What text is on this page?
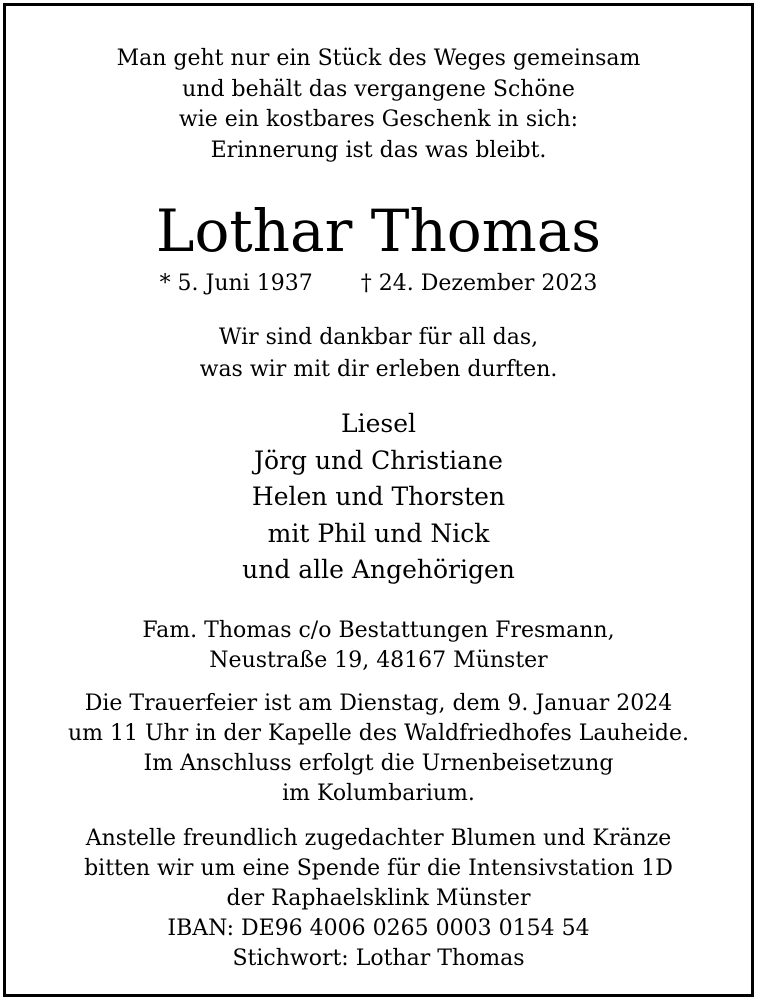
Man geht nur ein Stück des Weges gemeinsam
und behält das vergangene Schöne
wie ein kostbares Geschenk in sich:
Erinnerung ist das was bleibt.
Lothar Thomas
* 5. Juni 1937 † 24. Dezember 2023
Wir sind dankbar für all das,
was wir mit dir erleben durften.
Liesel
Jörg und Christiane
Helen und Thorsten
mit Phil und Nick
und alle Angehörigen
Fam. Thomas c/o Bestattungen Fresmann,
Neustraße 19, 48167 Münster
Die Trauerfeier ist am Dienstag, dem 9. Januar 2024
um 11 Uhr in der Kapelle des Waldfriedhofes Lauheide.
Im Anschluss erfolgt die Urnenbeisetzung
im Kolumbarium.
Anstelle freundlich zugedachter Blumen und Kränze
bitten wir um eine Spende für die Intensivstation 1D
der Raphaelsklink Münster
IBAN: DE96 4006 0265 0003 0154 54
Stichwort: Lothar Thomas
